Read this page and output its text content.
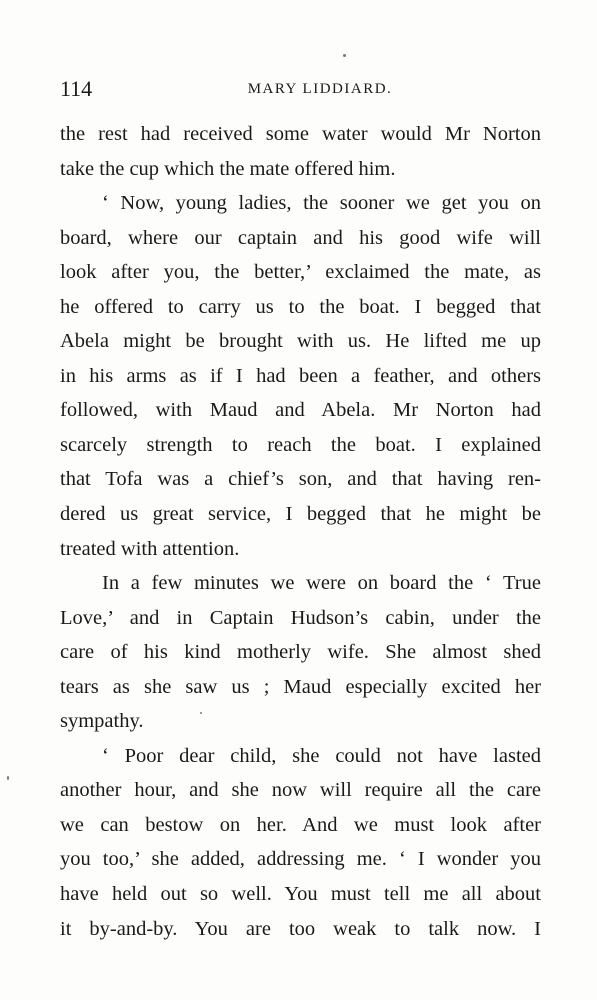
114	MARY LIDDIARD.
the rest had received some water would Mr Norton
take the cup which the mate offered him.
‘ Now, young ladies, the sooner we get you on
board, where our captain and his good wife will
look after you, the better,’ exclaimed the mate, as
he offered to carry us to the boat. I begged that
Abela might be brought with us. He lifted me up
in his arms as if I had been a feather, and others
followed, with Maud and Abela. Mr Norton had
scarcely strength to reach the boat. I explained
that Tofa was a chief’s son, and that having ren-
dered us great service, I begged that he might be
treated with attention.
In a few minutes we were on board the ‘ True
Love,’ and in Captain Hudson’s cabin, under the
care of his kind motherly wife. She almost shed
tears as she saw us ; Maud especially excited her
sympathy.
‘ Poor dear child, she could not have lasted
another hour, and she now will require all the care
we can bestow on her. And we must look after
you too,’ she added, addressing me. ‘ I wonder you
have held out so well. You must tell me all about
it by-and-by. You are too weak to talk now. I
